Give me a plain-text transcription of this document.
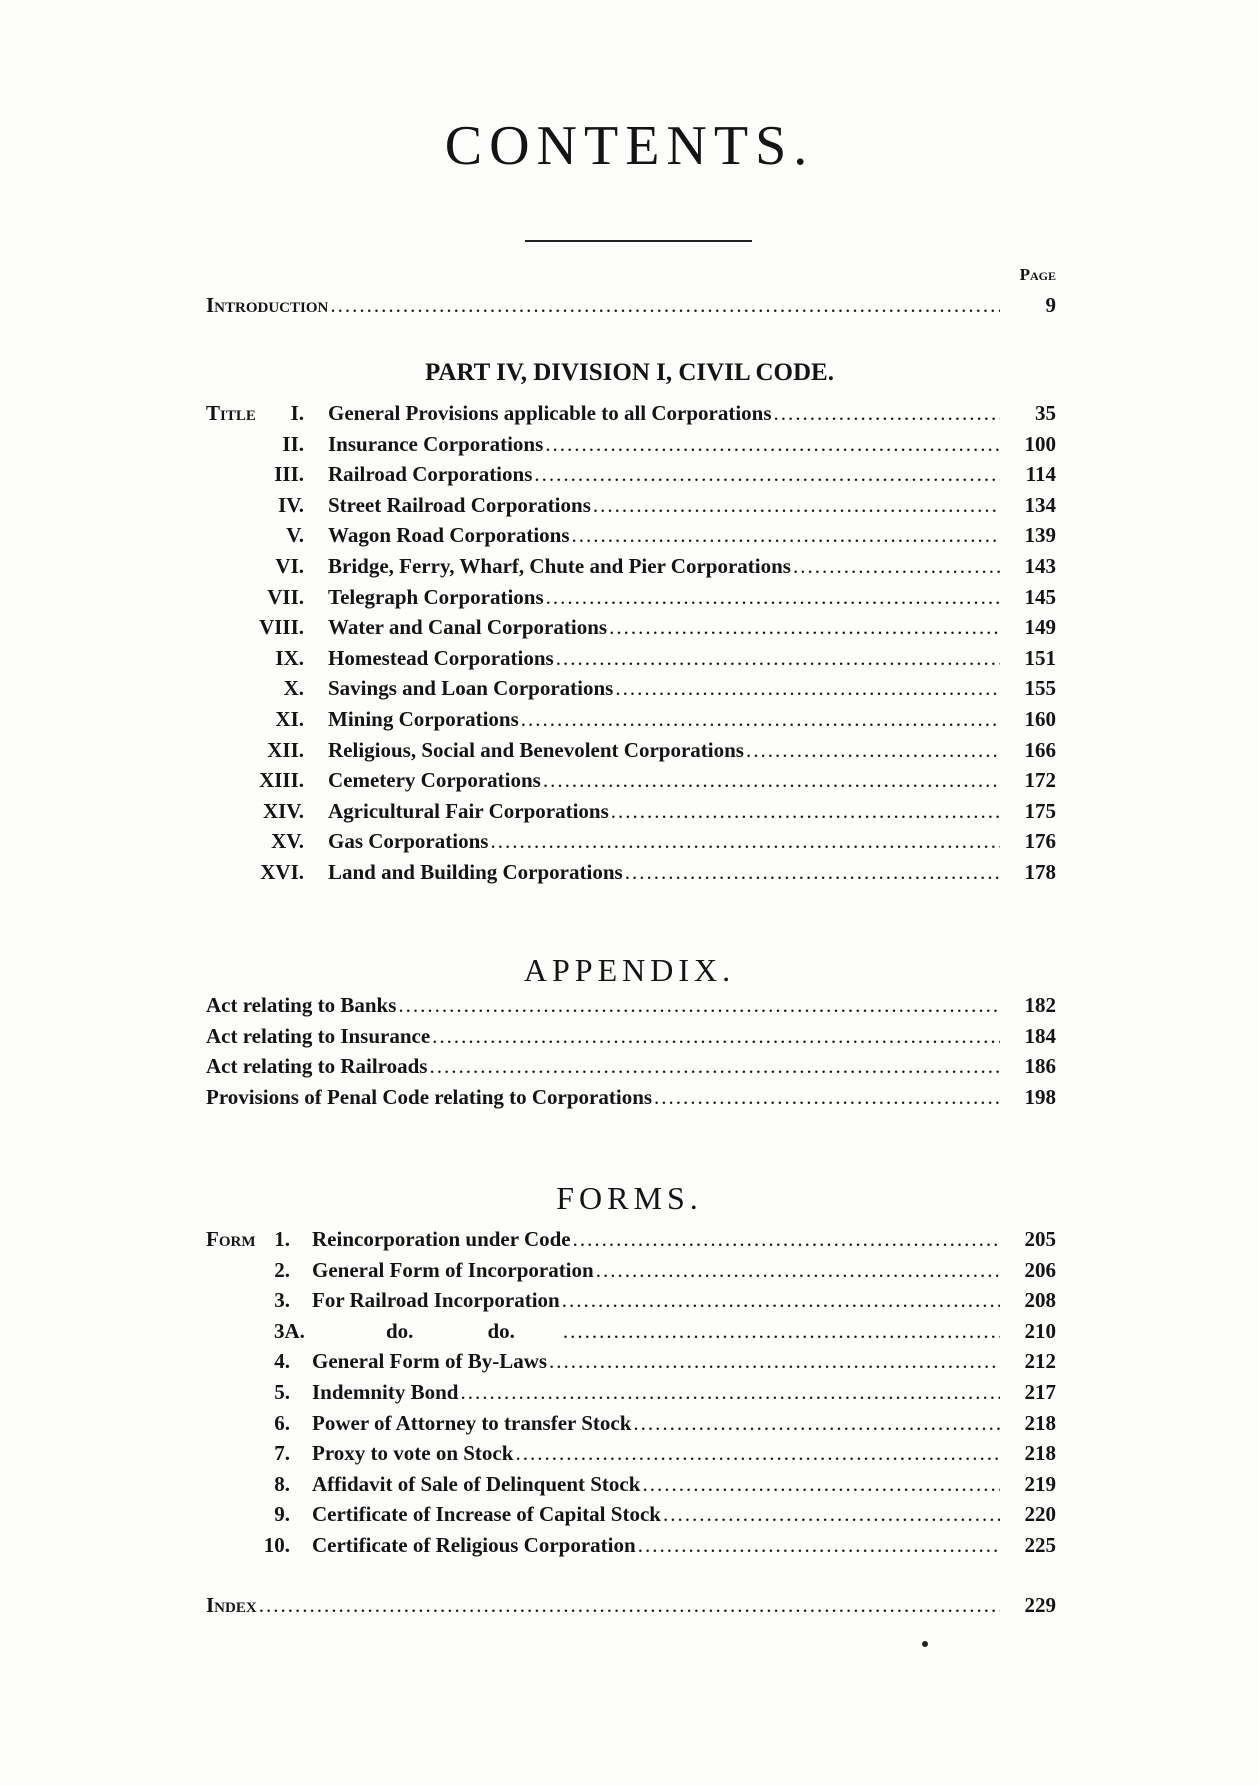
CONTENTS.
Page
Introduction .....	9
PART IV, DIVISION I, CIVIL CODE.
Title	I. General Provisions applicable to all Corporations .....	35
II. Insurance Corporations .....	100
III. Railroad Corporations .....	114
IV. Street Railroad Corporations .....	134
V. Wagon Road Corporations .....	139
VI. Bridge, Ferry, Wharf, Chute and Pier Corporations .....	143
VII. Telegraph Corporations .....	145
VIII. Water and Canal Corporations .....	149
IX. Homestead Corporations .....	151
X. Savings and Loan Corporations .....	155
XI. Mining Corporations .....	160
XII. Religious, Social and Benevolent Corporations .....	166
XIII. Cemetery Corporations .....	172
XIV. Agricultural Fair Corporations .....	175
XV. Gas Corporations .....	176
XVI. Land and Building Corporations .....	178
APPENDIX.
Act relating to Banks .....	182
Act relating to Insurance .....	184
Act relating to Railroads .....	186
Provisions of Penal Code relating to Corporations .....	198
FORMS.
Form 1. Reincorporation under Code .....	205
2. General Form of Incorporation .....	206
3. For Railroad Incorporation .....	208
3A.	do.	do. .....	210
4. General Form of By-Laws .....	212
5. Indemnity Bond .....	217
6. Power of Attorney to transfer Stock .....	218
7. Proxy to vote on Stock .....	218
8. Affidavit of Sale of Delinquent Stock .....	219
9. Certificate of Increase of Capital Stock .....	220
10. Certificate of Religious Corporation .....	225
Index .....	229
